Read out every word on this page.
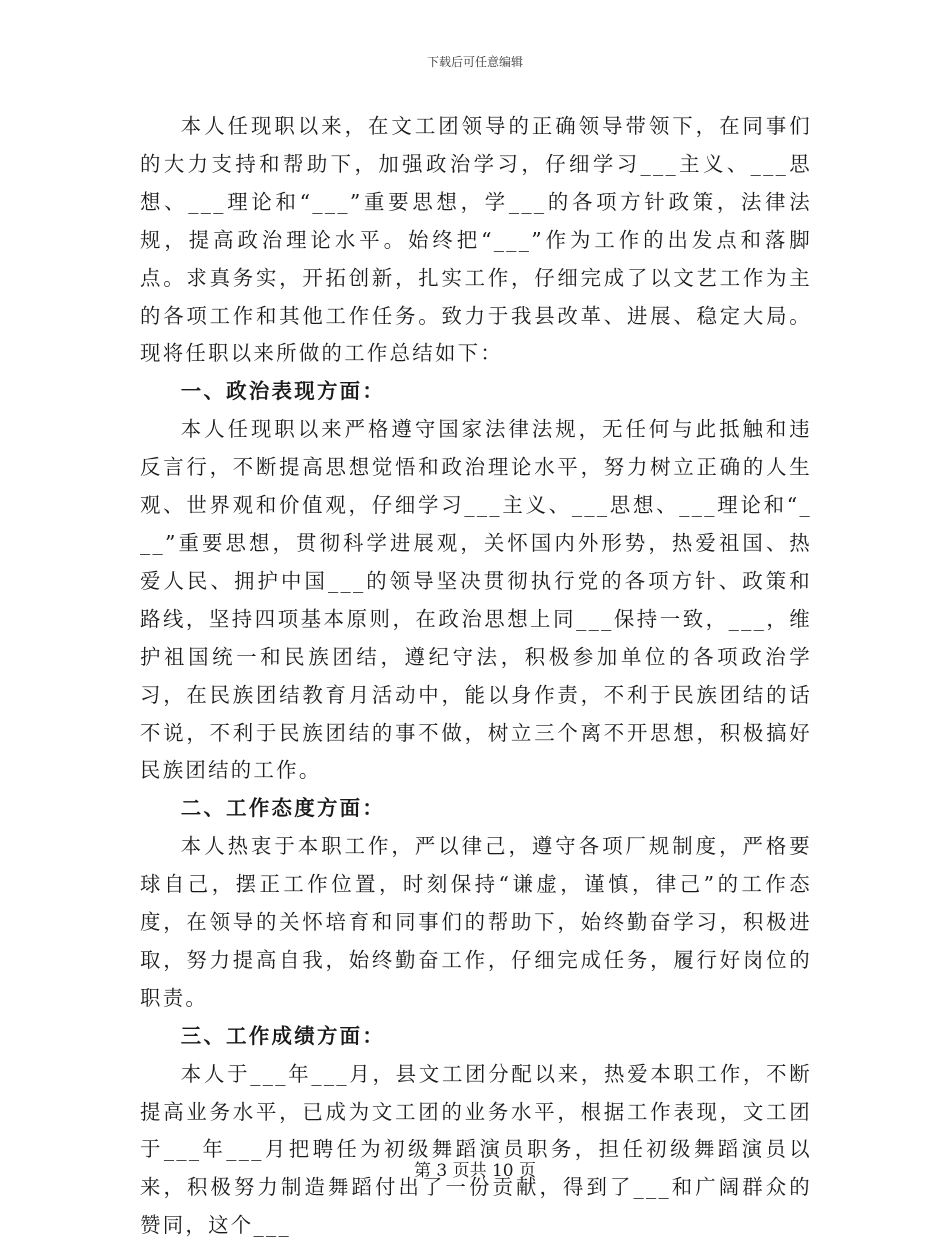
下载后可任意编辑

本人任现职以来，在文工团领导的正确领导带领下，在同事们的大力支持和帮助下，加强政治学习，仔细学习___主义、___思想、___理论和“___”重要思想，学___的各项方针政策，法律法规，提高政治理论水平。始终把“___”作为工作的出发点和落脚点。求真务实，开拓创新，扎实工作，仔细完成了以文艺工作为主的各项工作和其他工作任务。致力于我县改革、进展、稳定大局。现将任职以来所做的工作总结如下：

一、政治表现方面：

本人任现职以来严格遵守国家法律法规，无任何与此抵触和违反言行，不断提高思想觉悟和政治理论水平，努力树立正确的人生观、世界观和价值观，仔细学习___主义、___思想、___理论和“___”重要思想，贯彻科学进展观，关怀国内外形势，热爱祖国、热爱人民、拥护中国___的领导坚决贯彻执行党的各项方针、政策和路线，坚持四项基本原则，在政治思想上同___保持一致，___，维护祖国统一和民族团结，遵纪守法，积极参加单位的各项政治学习，在民族团结教育月活动中，能以身作责，不利于民族团结的话不说，不利于民族团结的事不做，树立三个离不开思想，积极搞好民族团结的工作。

二、工作态度方面：

本人热衷于本职工作，严以律己，遵守各项厂规制度，严格要球自己，摆正工作位置，时刻保持“谦虚，谨慎，律己”的工作态度，在领导的关怀培育和同事们的帮助下，始终勤奋学习，积极进取，努力提高自我，始终勤奋工作，仔细完成任务，履行好岗位的职责。

三、工作成绩方面：

本人于___年___月，县文工团分配以来，热爱本职工作，不断提高业务水平，已成为文工团的业务水平，根据工作表现，文工团于___年___月把聘任为初级舞蹈演员职务，担任初级舞蹈演员以来，积极努力制造舞蹈付出了一份贡献，得到了___和广阔群众的赞同，这个___

第 3 页共 10 页
